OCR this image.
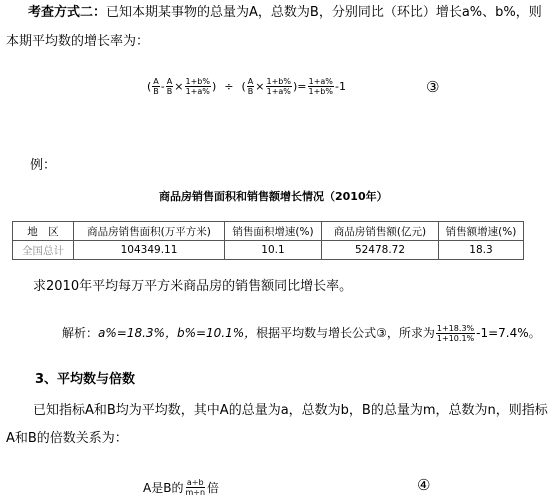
考查方式二：已知本期某事物的总量为A，总数为B，分别同比（环比）增长a%、b%，则
本期平均数的增长率为：
( $\frac{A}{B} - \frac{A}{B} \times \frac{1+b\%}{1+a\%}$ ) ÷ ( $\frac{A}{B} \times \frac{1+b\%}{1+a\%}$ ) = $\frac{1+a\%}{1+b\%} -1$	③
例：
商品房销售面积和销售额增长情况（2010年）
地　区	商品房销售面积(万平方米)	销售面积增速(%)	商品房销售额(亿元)	销售额增速(%)
全国总计	104349.11	10.1	52478.72	18.3
求2010年平均每万平方米商品房的销售额同比增长率。
解析： a%=18.3%， b%=10.1%， 根据平均数与增长公式③，所求为 $\frac{1+18.3\%}{1+10.1\%} -1=7.4\%$。
3、平均数与倍数
已知指标A和B均为平均数，其中A的总量为a，总数为b，B的总量为m，总数为n，则指标
A和B的倍数关系为：
A是B的 $\frac{a\div b}{m\div n}$ 倍	④
